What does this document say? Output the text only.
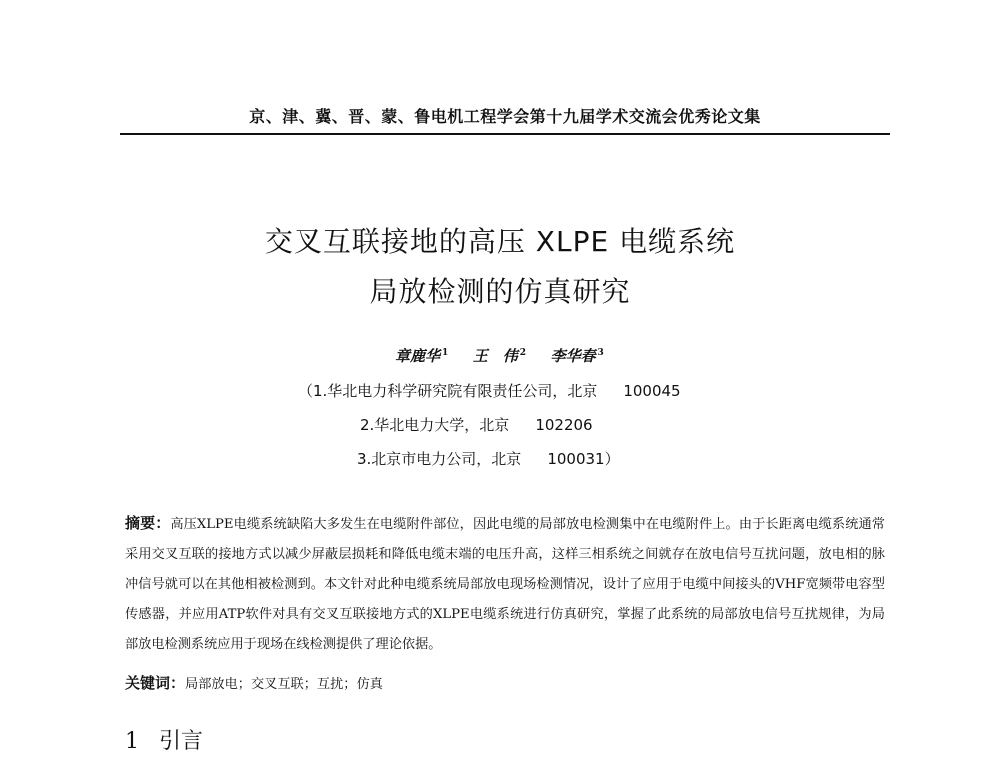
京、津、冀、晋、蒙、鲁电机工程学会第十九届学术交流会优秀论文集
交叉互联接地的高压 XLPE 电缆系统
局放检测的仿真研究
章鹿华 $^1$ 王　伟 $^2$ 李华春 $^3$
（1.华北电力科学研究院有限责任公司，北京 100045
2.华北电力大学，北京 102206
3.北京市电力公司，北京 100031）
摘要：高压XLPE电缆系统缺陷大多发生在电缆附件部位，因此电缆的局部放电检测集中在电缆附件上。由于长距离电缆系统通常采用交叉互联的接地方式以减少屏蔽层损耗和降低电缆末端的电压升高，这样三相系统之间就存在放电信号互扰问题，放电相的脉冲信号就可以在其他相被检测到。本文针对此种电缆系统局部放电现场检测情况，设计了应用于电缆中间接头的VHF宽频带电容型传感器，并应用ATP软件对具有交叉互联接地方式的XLPE电缆系统进行仿真研究，掌握了此系统的局部放电信号互扰规律，为局部放电检测系统应用于现场在线检测提供了理论依据。
关键词：局部放电；交叉互联；互扰；仿真
1 引言
